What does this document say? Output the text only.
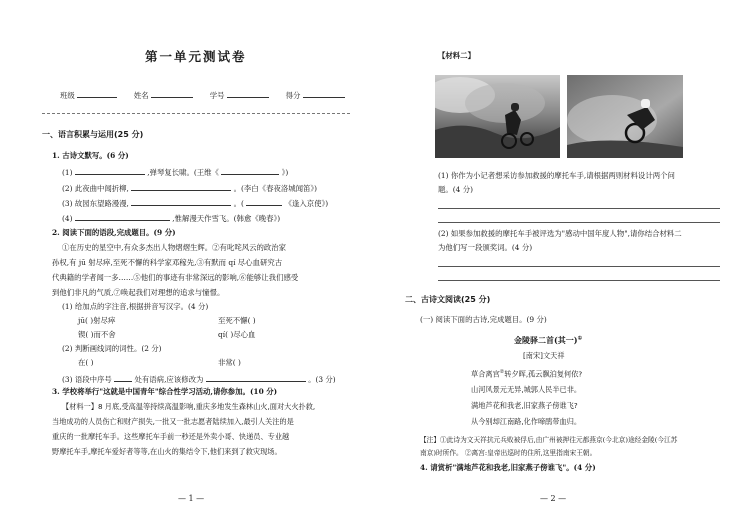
第一单元测试卷
班级	姓名	学号	得分
一、语言积累与运用(25 分)
1. 古诗文默写。(6 分)
(1)	,弹琴复长啸。(王维《	》)
(2) 此夜曲中闻折柳,	。(李白《春夜洛城闻笛》)
(3) 故园东望路漫漫,	。(	《逢入京使》)
(4)	,惟解漫天作雪飞。(韩愈《晚春》)
2. 阅读下面的语段,完成题目。(9 分)
①在历史的星空中,有众多杰出人物熠熠生辉。②有叱咤风云的政治家
孙权,有 jū 射尽瘁,至死不懈的科学家邓稼先,③有默而 qí 尽心血研究古
代典籍的学者闻一多……⑤他们的事迹有非常深远的影响,⑥能够让我们感受
到他们非凡的气质,⑦唤起我们对理想的追求与憧憬。
(1) 给加点的字注音,根据拼音写汉字。(4 分)
jū( )射尽瘁	至死不懈( )
锲( )而不舍	qí( )尽心血
(2) 判断画线词的词性。(2 分)
在( )	非常( )
(3) 语段中序号	处有语病,应该修改为	。(3 分)
3. 学校将举行"这就是中国青年"综合性学习活动,请你参加。(10 分)
【材料一】8 月底,受高温等持续高温影响,重庆多地发生森林山火,面对大火扑救,
当地成功的人员伤亡和财产损失,一批又一批志愿者陆续加入,最引人关注的是
重庆的一批摩托车手。这些摩托车手前一秒还是外卖小哥、快递员、专业越
野摩托车手,摩托车爱好者等等,在山火的集结令下,他们来到了救灾现场。
— 1 —
【材料二】
(1) 你作为小记者想采访参加救援的摩托车手,请根据两则材料设计两个问
题。(4 分)
(2) 如果参加救援的摩托车手被评选为"感动中国年度人物",请你结合材料二
为他们写一段颁奖词。(4 分)
二、古诗文阅读(25 分)
(一) 阅读下面的古诗,完成题目。(9 分)
金陵驿二首(其一)①
[南宋]文天祥
草合离宫②转夕晖,孤云飘泊复何依?
山河风景元无异,城郭人民半已非。
满地芦花和我老,旧家燕子傍谁飞?
从今别却江南路,化作啼鹃带血归。
【注】①此诗为文天祥抗元兵败被俘后,由广州被押往元都燕京(今北京)途经金陵(今江苏
南京)时所作。 ②离宫:皇帝出巡时的住所,这里指南宋王朝。
4. 请赏析"满地芦花和我老,旧家燕子傍谁飞"。(4 分)
— 2 —
